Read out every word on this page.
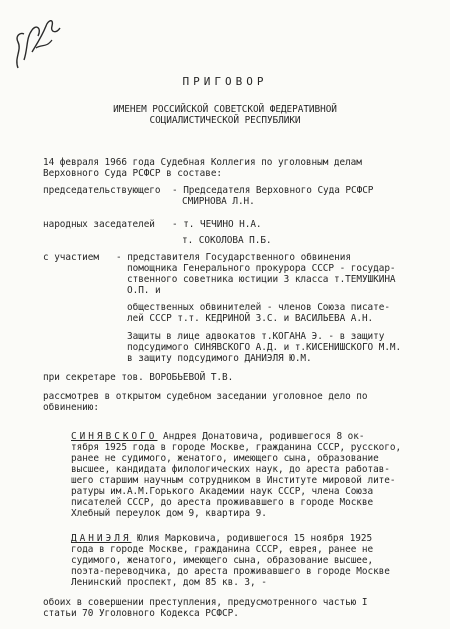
ПРИГОВОР
ИМЕНЕМ РОССИЙСКОЙ СОВЕТСКОЙ ФЕДЕРАТИВНОЙ
СОЦИАЛИСТИЧЕСКОЙ РЕСПУБЛИКИ
14 февраля 1966 года Судебная Коллегия по уголовным делам
Верховного Суда РСФСР в составе:
председательствующего - Председателя Верховного Суда РСФСР
СМИРНОВА Л.Н.
народных заседателей - т. ЧЕЧИНО Н.А.
т. СОКОЛОВА П.Б.
с участием - представителя Государственного обвинения
помощника Генерального прокурора СССР - государ-
ственного советника юстиции 3 класса т.ТЕМУШКИНА
О.П. и
общественных обвинителей - членов Союза писате-
лей СССР т.т. КЕДРИНОЙ З.С. и ВАСИЛЬЕВА А.Н.
Защиты в лице адвокатов т.КОГАНА Э. - в защиту
подсудимого СИНЯВСКОГО А.Д. и т.КИСЕНИШСКОГО М.М.
в защиту подсудимого ДАНИЭЛЯ Ю.М.
при секретаре тов. ВОРОБЬЕВОЙ Т.В.
рассмотрев в открытом судебном заседании уголовное дело по
обвинению:
СИНЯВСКОГО Андрея Донатовича, родившегося 8 ок-
тября 1925 года в городе Москве, гражданина СССР, русского,
ранее не судимого, женатого, имеющего сына, образование
высшее, кандидата филологических наук, до ареста работав-
шего старшим научным сотрудником в Институте мировой лите-
ратуры им.А.М.Горького Академии наук СССР, члена Союза
писателей СССР, до ареста проживавшего в городе Москве
Хлебный переулок дом 9, квартира 9.
ДАНИЭЛЯ Юлия Марковича, родившегося 15 ноября 1925
года в городе Москве, гражданина СССР, еврея, ранее не
судимого, женатого, имеющего сына, образование высшее,
поэта-переводчика, до ареста проживавшего в городе Москве
Ленинский проспект, дом 85 кв. 3, -
обоих в совершении преступления, предусмотренного частью I
статьи 70 Уголовного Кодекса РСФСР.
